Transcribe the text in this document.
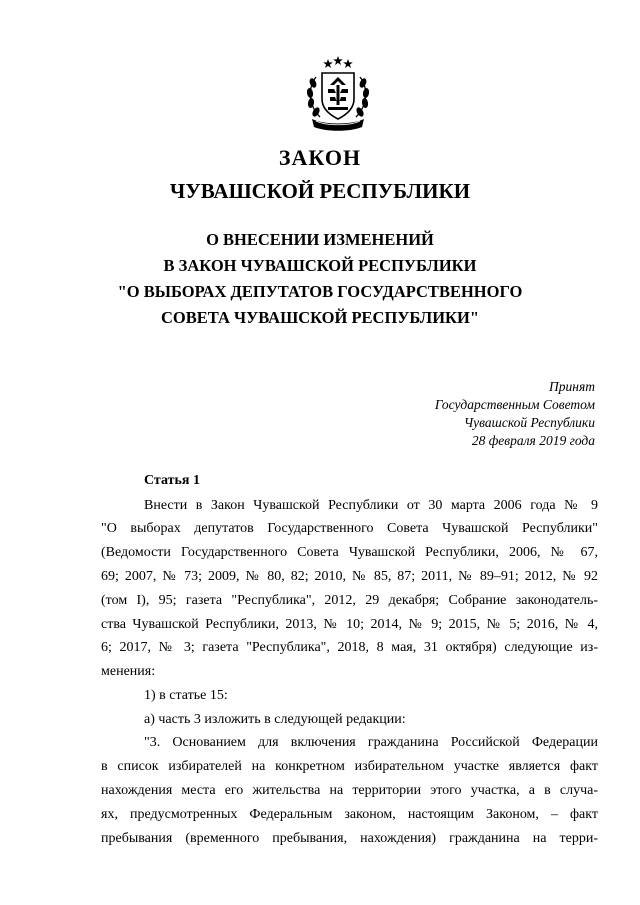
ЗАКОН
ЧУВАШСКОЙ РЕСПУБЛИКИ
О ВНЕСЕНИИ ИЗМЕНЕНИЙ
В ЗАКОН ЧУВАШСКОЙ РЕСПУБЛИКИ
"О ВЫБОРАХ ДЕПУТАТОВ ГОСУДАРСТВЕННОГО
СОВЕТА ЧУВАШСКОЙ РЕСПУБЛИКИ"
Принят
Государственным Советом
Чувашской Республики
28 февраля 2019 года
Статья 1

Внести в Закон Чувашской Республики от 30 марта 2006 года № 9

"О выборах депутатов Государственного Совета Чувашской Республики"

(Ведомости Государственного Совета Чувашской Республики, 2006, № 67,

69; 2007, № 73; 2009, № 80, 82; 2010, № 85, 87; 2011, № 89–91; 2012, № 92

(том I), 95; газета "Республика", 2012, 29 декабря; Собрание законодатель-

ства Чувашской Республики, 2013, № 10; 2014, № 9; 2015, № 5; 2016, № 4,

6; 2017, № 3; газета "Республика", 2018, 8 мая, 31 октября) следующие из-

менения:

1) в статье 15:

а) часть 3 изложить в следующей редакции:

"3. Основанием для включения гражданина Российской Федерации

в список избирателей на конкретном избирательном участке является факт

нахождения места его жительства на территории этого участка, а в случа-

ях, предусмотренных Федеральным законом, настоящим Законом, – факт

пребывания (временного пребывания, нахождения) гражданина на терри-
